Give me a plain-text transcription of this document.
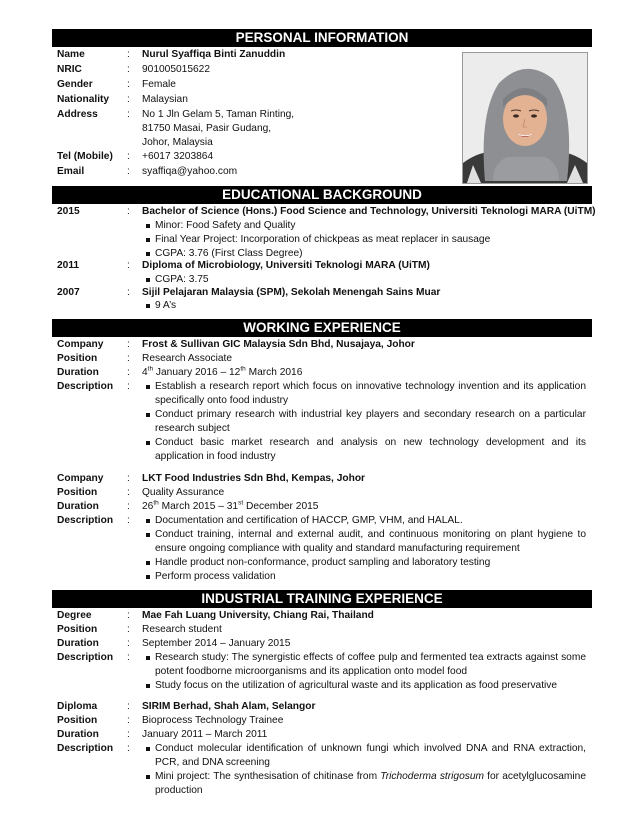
PERSONAL INFORMATION
Name	: Nurul Syaffiqa Binti Zanuddin
NRIC	: 901005015622
Gender	: Female
Nationality : Malaysian
Address	: No 1 Jln Gelam 5, Taman Rinting,
81750 Masai, Pasir Gudang,
Johor, Malaysia
Tel (Mobile) : +6017 3203864
Email	: syaffiqa@yahoo.com
EDUCATIONAL BACKGROUND
2015	: Bachelor of Science (Hons.) Food Science and Technology, Universiti Teknologi MARA (UiTM)
Minor: Food Safety and Quality
Final Year Project: Incorporation of chickpeas as meat replacer in sausage
CGPA: 3.76 (First Class Degree)
2011	: Diploma of Microbiology, Universiti Teknologi MARA (UiTM)
CGPA: 3.75
2007	: Sijil Pelajaran Malaysia (SPM), Sekolah Menengah Sains Muar
9 A’s
WORKING EXPERIENCE
Company : Frost & Sullivan GIC Malaysia Sdn Bhd, Nusajaya, Johor
Position	: Research Associate
Duration	: 4th January 2016 – 12th March 2016
Description :	Establish a research report which focus on innovative technology invention and its application specifically onto food industry
Conduct primary research with industrial key players and secondary research on a particular research subject
Conduct basic market research and analysis on new technology development and its application in food industry
Company : LKT Food Industries Sdn Bhd, Kempas, Johor
Position	: Quality Assurance
Duration	: 26th March 2015 – 31st December 2015
Description :	Documentation and certification of HACCP, GMP, VHM, and HALAL.
Conduct training, internal and external audit, and continuous monitoring on plant hygiene to ensure ongoing compliance with quality and standard manufacturing requirement
Handle product non-conformance, product sampling and laboratory testing
Perform process validation
INDUSTRIAL TRAINING EXPERIENCE
Degree	: Mae Fah Luang University, Chiang Rai, Thailand
Position	: Research student
Duration	: September 2014 – January 2015
Description :	Research study: The synergistic effects of coffee pulp and fermented tea extracts against some potent foodborne microorganisms and its application onto model food
Study focus on the utilization of agricultural waste and its application as food preservative
Diploma	: SIRIM Berhad, Shah Alam, Selangor
Position	: Bioprocess Technology Trainee
Duration	: January 2011 – March 2011
Description :	Conduct molecular identification of unknown fungi which involved DNA and RNA extraction, PCR, and DNA screening
Mini project: The synthesisation of chitinase from Trichoderma strigosum for acetylglucosamine production
